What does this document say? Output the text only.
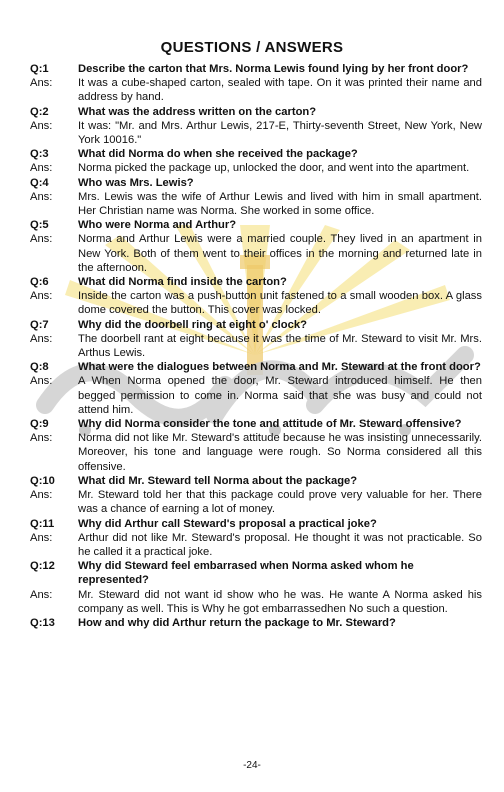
QUESTIONS / ANSWERS
Q:1	Describe the carton that Mrs. Norma Lewis found lying by her front door?
Ans:	It was a cube-shaped carton, sealed with tape. On it was printed their name and address by hand.
Q:2	What was the address written on the carton?
Ans:	It was: "Mr. and Mrs. Arthur Lewis, 217-E, Thirty-seventh Street, New York, New York 10016."
Q:3	What did Norma do when she received the package?
Ans:	Norma picked the package up, unlocked the door, and went into the apartment.
Q:4	Who was Mrs. Lewis?
Ans:	Mrs. Lewis was the wife of Arthur Lewis and lived with him in small apartment. Her Christian name was Norma. She worked in some office.
Q:5	Who were Norma and Arthur?
Ans:	Norma and Arthur Lewis were a married couple. They lived in an apartment in New York. Both of them went to their offices in the morning and returned late in the afternoon.
Q:6	What did Norma find inside the carton?
Ans:	Inside the carton was a push-button unit fastened to a small wooden box. A glass dome covered the button. This cover was locked.
Q:7	Why did the doorbell ring at eight o' clock?
Ans:	The doorbell rant at eight because it was the time of Mr. Steward to visit Mr. Mrs. Arthus Lewis.
Q:8	What were the dialogues between Norma and Mr. Steward at the front door?
Ans:	A When Norma opened the door, Mr. Steward introduced himself. He then begged permission to come in. Norma said that she was busy and could not attend him.
Q:9	Why did Norma consider the tone and attitude of Mr. Steward offensive?
Ans:	Norma did not like Mr. Steward's attitude because he was insisting unnecessarily. Moreover, his tone and language were rough. So Norma considered all this offensive.
Q:10	What did Mr. Steward tell Norma about the package?
Ans:	Mr. Steward told her that this package could prove very valuable for her. There was a chance of earning a lot of money.
Q:11	Why did Arthur call Steward's proposal a practical joke?
Ans:	Arthur did not like Mr. Steward's proposal. He thought it was not practicable. So he called it a practical joke.
Q:12	Why did Steward feel embarrased when Norma asked whom he represented?
Ans:	Mr. Steward did not want id show who he was. He wante A Norma asked his company as well. This is Why he got embarrassedhen No such a question.
Q:13	How and why did Arthur return the package to Mr. Steward?

-24-
